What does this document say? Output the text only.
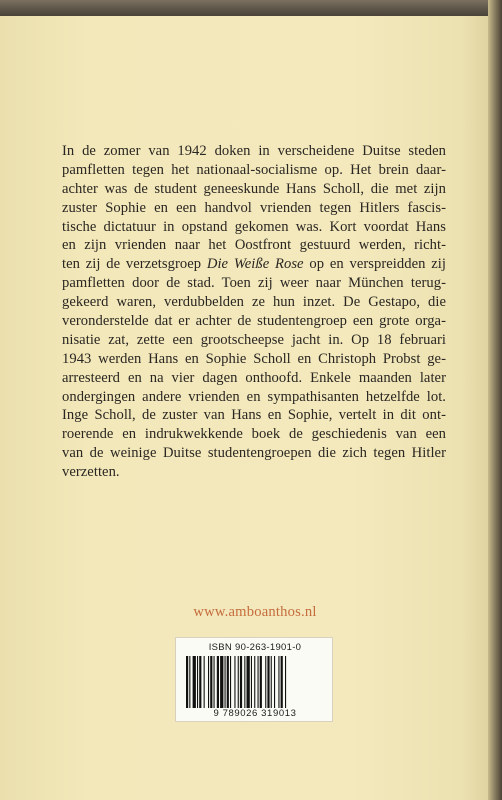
In de zomer van 1942 doken in verscheidene Duitse steden
pamfletten tegen het nationaal-socialisme op. Het brein daar-
achter was de student geneeskunde Hans Scholl, die met zijn
zuster Sophie en een handvol vrienden tegen Hitlers fascis-
tische dictatuur in opstand gekomen was. Kort voordat Hans
en zijn vrienden naar het Oostfront gestuurd werden, richt-
ten zij de verzetsgroep Die Weiße Rose op en verspreidden zij
pamfletten door de stad. Toen zij weer naar München terug-
gekeerd waren, verdubbelden ze hun inzet. De Gestapo, die
veronderstelde dat er achter de studentengroep een grote orga-
nisatie zat, zette een grootscheepse jacht in. Op 18 februari
1943 werden Hans en Sophie Scholl en Christoph Probst ge-
arresteerd en na vier dagen onthoofd. Enkele maanden later
ondergingen andere vrienden en sympathisanten hetzelfde lot.
Inge Scholl, de zuster van Hans en Sophie, vertelt in dit ont-
roerende en indrukwekkende boek de geschiedenis van een
van de weinige Duitse studentengroepen die zich tegen Hitler
verzetten.

www.amboanthos.nl

ISBN 90-263-1901-0
9 789026 319013
